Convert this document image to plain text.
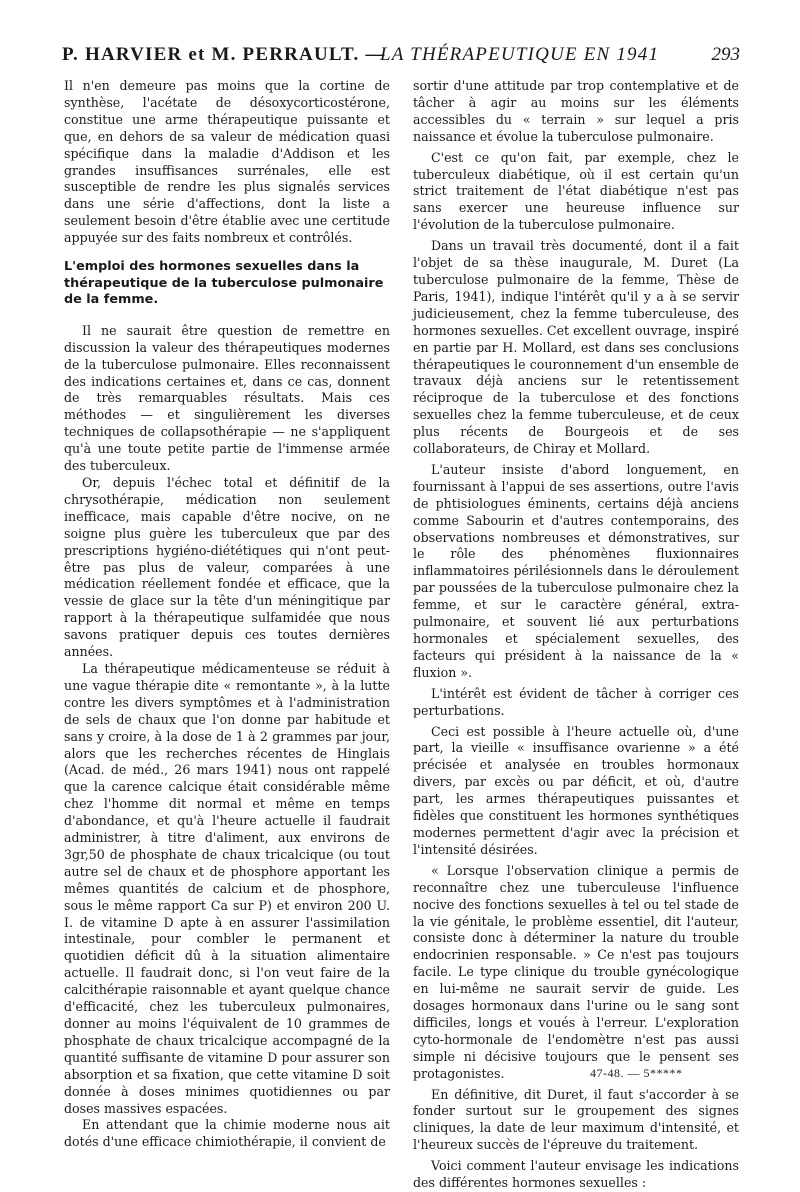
P. HARVIER et M. PERRAULT. —
LA THÉRAPEUTIQUE EN 1941	293

Il n'en demeure pas moins que la cortine de synthèse, l'acétate de désoxycorticostérone, constitue une arme thérapeutique puissante et que, en dehors de sa valeur de médication quasi spécifique dans la maladie d'Addison et les grandes insuffisances surrénales, elle est susceptible de rendre les plus signalés services dans une série d'affections, dont la liste a seulement besoin d'être établie avec une certitude appuyée sur des faits nombreux et contrôlés.

L'emploi des hormones sexuelles dans la thérapeutique de la tuberculose pulmonaire de la femme.

Il ne saurait être question de remettre en discussion la valeur des thérapeutiques modernes de la tuberculose pulmonaire. Elles reconnaissent des indications certaines et, dans ce cas, donnent de très remarquables résultats. Mais ces méthodes — et singulièrement les diverses techniques de collapsothérapie — ne s'appliquent qu'à une toute petite partie de l'immense armée des tuberculeux.

Or, depuis l'échec total et définitif de la chrysothérapie, médication non seulement inefficace, mais capable d'être nocive, on ne soigne plus guère les tuberculeux que par des prescriptions hygiéno-diététiques qui n'ont peut-être pas plus de valeur, comparées à une médication réellement fondée et efficace, que la vessie de glace sur la tête d'un méningitique par rapport à la thérapeutique sulfamidée que nous savons pratiquer depuis ces toutes dernières années.

La thérapeutique médicamenteuse se réduit à une vague thérapie dite « remontante », à la lutte contre les divers symptômes et à l'administration de sels de chaux que l'on donne par habitude et sans y croire, à la dose de 1 à 2 grammes par jour, alors que les recherches récentes de Hinglais (Acad. de méd., 26 mars 1941) nous ont rappelé que la carence calcique était considérable même chez l'homme dit normal et même en temps d'abondance, et qu'à l'heure actuelle il faudrait administrer, à titre d'aliment, aux environs de 3gr,50 de phosphate de chaux tricalcique (ou tout autre sel de chaux et de phosphore apportant les mêmes quantités de calcium et de phosphore, sous le même rapport Ca sur P) et environ 200 U. I. de vitamine D apte à en assurer l'assimilation intestinale, pour combler le permanent et quotidien déficit dû à la situation alimentaire actuelle. Il faudrait donc, si l'on veut faire de la calcithérapie raisonnable et ayant quelque chance d'efficacité, chez les tuberculeux pulmonaires, donner au moins l'équivalent de 10 grammes de phosphate de chaux tricalcique accompagné de la quantité suffisante de vitamine D pour assurer son absorption et sa fixation, que cette vitamine D soit donnée à doses minimes quotidiennes ou par doses massives espacées.

En attendant que la chimie moderne nous ait dotés d'une efficace chimiothérapie, il convient de

sortir d'une attitude par trop contemplative et de tâcher à agir au moins sur les éléments accessibles du « terrain » sur lequel a pris naissance et évolue la tuberculose pulmonaire.

C'est ce qu'on fait, par exemple, chez le tuberculeux diabétique, où il est certain qu'un strict traitement de l'état diabétique n'est pas sans exercer une heureuse influence sur l'évolution de la tuberculose pulmonaire.

Dans un travail très documenté, dont il a fait l'objet de sa thèse inaugurale, M. Duret (La tuberculose pulmonaire de la femme, Thèse de Paris, 1941), indique l'intérêt qu'il y a à se servir judicieusement, chez la femme tuberculeuse, des hormones sexuelles. Cet excellent ouvrage, inspiré en partie par H. Mollard, est dans ses conclusions thérapeutiques le couronnement d'un ensemble de travaux déjà anciens sur le retentissement réciproque de la tuberculose et des fonctions sexuelles chez la femme tuberculeuse, et de ceux plus récents de Bourgeois et de ses collaborateurs, de Chiray et Mollard.

L'auteur insiste d'abord longuement, en fournissant à l'appui de ses assertions, outre l'avis de phtisiologues éminents, certains déjà anciens comme Sabourin et d'autres contemporains, des observations nombreuses et démonstratives, sur le rôle des phénomènes fluxionnaires inflammatoires périlésionnels dans le déroulement par poussées de la tuberculose pulmonaire chez la femme, et sur le caractère général, extra-pulmonaire, et souvent lié aux perturbations hormonales et spécialement sexuelles, des facteurs qui président à la naissance de la « fluxion ».

L'intérêt est évident de tâcher à corriger ces perturbations.

Ceci est possible à l'heure actuelle où, d'une part, la vieille « insuffisance ovarienne » a été précisée et analysée en troubles hormonaux divers, par excès ou par déficit, et où, d'autre part, les armes thérapeutiques puissantes et fidèles que constituent les hormones synthétiques modernes permettent d'agir avec la précision et l'intensité désirées.

« Lorsque l'observation clinique a permis de reconnaître chez une tuberculeuse l'influence nocive des fonctions sexuelles à tel ou tel stade de la vie génitale, le problème essentiel, dit l'auteur, consiste donc à déterminer la nature du trouble endocrinien responsable. » Ce n'est pas toujours facile. Le type clinique du trouble gynécologique en lui-même ne saurait servir de guide. Les dosages hormonaux dans l'urine ou le sang sont difficiles, longs et voués à l'erreur. L'exploration cyto-hormonale de l'endomètre n'est pas aussi simple ni décisive toujours que le pensent ses protagonistes.

En définitive, dit Duret, il faut s'accorder à se fonder surtout sur le groupement des signes cliniques, la date de leur maximum d'intensité, et l'heureux succès de l'épreuve du traitement.

Voici comment l'auteur envisage les indications des différentes hormones sexuelles :

47-48. — 5*****
